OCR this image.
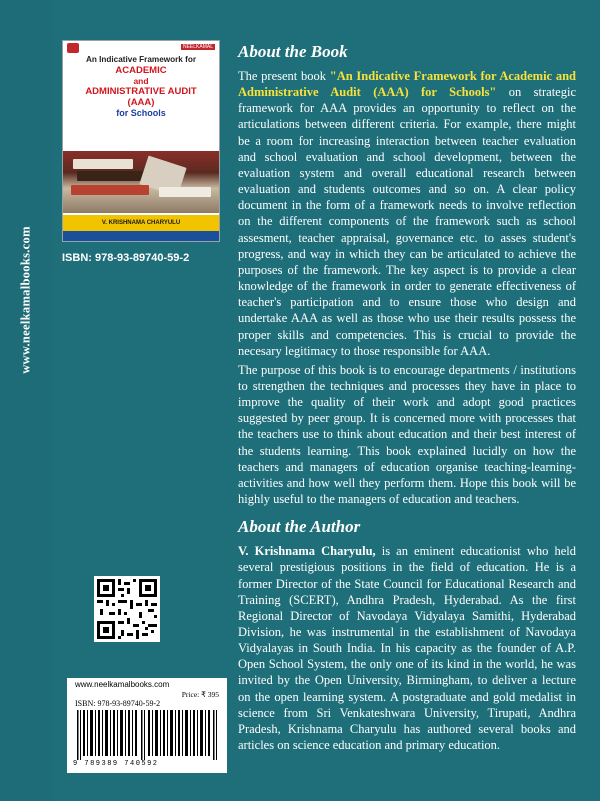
www.neelkamalbooks.com
NEELKAMAL
An Indicative Framework for
ACADEMIC
and
ADMINISTRATIVE AUDIT
(AAA)
for Schools
V. KRISHNAMA CHARYULU
ISBN: 978-93-89740-59-2
www.neelkamalbooks.com
Price: ₹ 395
ISBN: 978-93-89740-59-2
9 789389 740592
About the Book

The present book "An Indicative Framework for Academic and Administrative Audit (AAA) for Schools" on strategic framework for AAA provides an opportunity to reflect on the articulations between different criteria. For example, there might be a room for increasing interaction between teacher evaluation and school evaluation and school development, between the evaluation system and overall educational research between evaluation and students outcomes and so on. A clear policy document in the form of a framework needs to involve reflection on the different components of the framework such as school assesment, teacher appraisal, governance etc. to asses student's progress, and way in which they can be articulated to achieve the purposes of the framework. The key aspect is to provide a clear knowledge of the framework in order to generate effectiveness of teacher's participation and to ensure those who design and undertake AAA as well as those who use their results possess the proper skills and competencies. This is crucial to provide the necesary legitimacy to those responsible for AAA.

The purpose of this book is to encourage departments / institutions to strengthen the techniques and processes they have in place to improve the quality of their work and adopt good practices suggested by peer group. It is concerned more with processes that the teachers use to think about education and their best interest of the students learning. This book explained lucidly on how the teachers and managers of education organise teaching-learning-activities and how well they perform them. Hope this book will be highly useful to the managers of education and teachers.

About the Author

V. Krishnama Charyulu, is an eminent educationist who held several prestigious positions in the field of education. He is a former Director of the State Council for Educational Research and Training (SCERT), Andhra Pradesh, Hyderabad. As the first Regional Director of Navodaya Vidyalaya Samithi, Hyderabad Division, he was instrumental in the establishment of Navodaya Vidyalayas in South India. In his capacity as the founder of A.P. Open School System, the only one of its kind in the world, he was invited by the Open University, Birmingham, to deliver a lecture on the open learning system. A postgraduate and gold medalist in science from Sri Venkateshwara University, Tirupati, Andhra Pradesh, Krishnama Charyulu has authored several books and articles on science education and primary education.
